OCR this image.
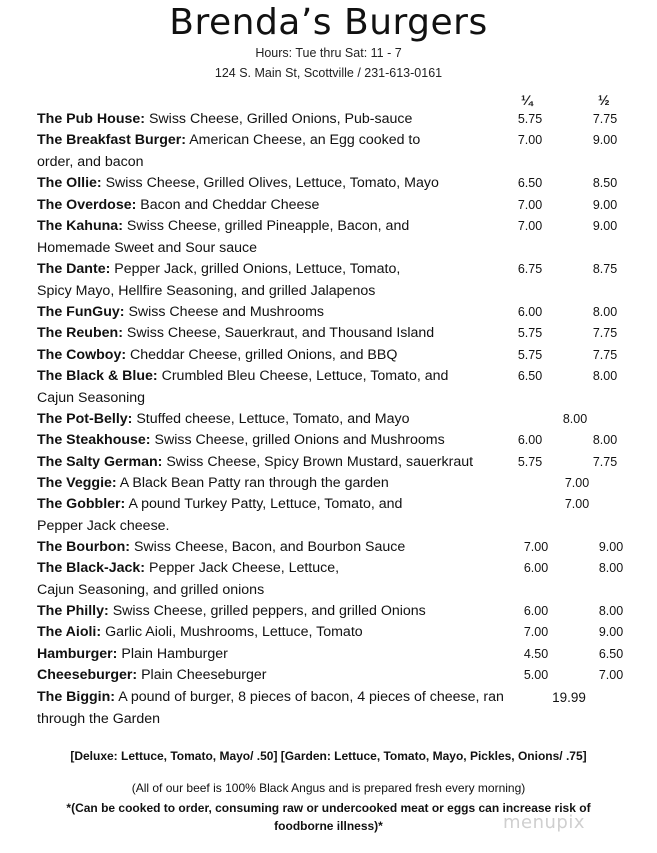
Brenda’s Burgers
Hours: Tue thru Sat: 11 - 7
124 S. Main St, Scottville / 231-613-0161
¼	½
The Pub House: Swiss Cheese, Grilled Onions, Pub-sauce	5.75	7.75
The Breakfast Burger: American Cheese, an Egg cooked to order, and bacon
7.00	9.00
The Ollie: Swiss Cheese, Grilled Olives, Lettuce, Tomato, Mayo	6.50	8.50
The Overdose: Bacon and Cheddar Cheese	7.00	9.00
The Kahuna: Swiss Cheese, grilled Pineapple, Bacon, and Homemade Sweet and Sour sauce
7.00	9.00
The Dante: Pepper Jack, grilled Onions, Lettuce, Tomato, Spicy Mayo, Hellfire Seasoning, and grilled Jalapenos
6.75	8.75
The FunGuy: Swiss Cheese and Mushrooms	6.00	8.00
The Reuben: Swiss Cheese, Sauerkraut, and Thousand Island	5.75	7.75
The Cowboy: Cheddar Cheese, grilled Onions, and BBQ	5.75	7.75
The Black & Blue: Crumbled Bleu Cheese, Lettuce, Tomato, and Cajun Seasoning
6.50	8.00
The Pot-Belly: Stuffed cheese, Lettuce, Tomato, and Mayo	8.00
The Steakhouse: Swiss Cheese, grilled Onions and Mushrooms	6.00	8.00
The Salty German: Swiss Cheese, Spicy Brown Mustard, sauerkraut	5.75	7.75
The Veggie: A Black Bean Patty ran through the garden	7.00
The Gobbler: A pound Turkey Patty, Lettuce, Tomato, and Pepper Jack cheese.
7.00
The Bourbon: Swiss Cheese, Bacon, and Bourbon Sauce	7.00	9.00
The Black-Jack: Pepper Jack Cheese, Lettuce, Cajun Seasoning, and grilled onions
6.00	8.00
The Philly: Swiss Cheese, grilled peppers, and grilled Onions	6.00	8.00
The Aioli: Garlic Aioli, Mushrooms, Lettuce, Tomato	7.00	9.00
Hamburger: Plain Hamburger	4.50	6.50
Cheeseburger: Plain Cheeseburger	5.00	7.00
The Biggin: A pound of burger, 8 pieces of bacon, 4 pieces of cheese, ran through the Garden
19.99
[Deluxe: Lettuce, Tomato, Mayo/ .50] [Garden: Lettuce, Tomato, Mayo, Pickles, Onions/ .75]
(All of our beef is 100% Black Angus and is prepared fresh every morning)
*(Can be cooked to order, consuming raw or undercooked meat or eggs can increase risk of foodborne illness)*	menupix
